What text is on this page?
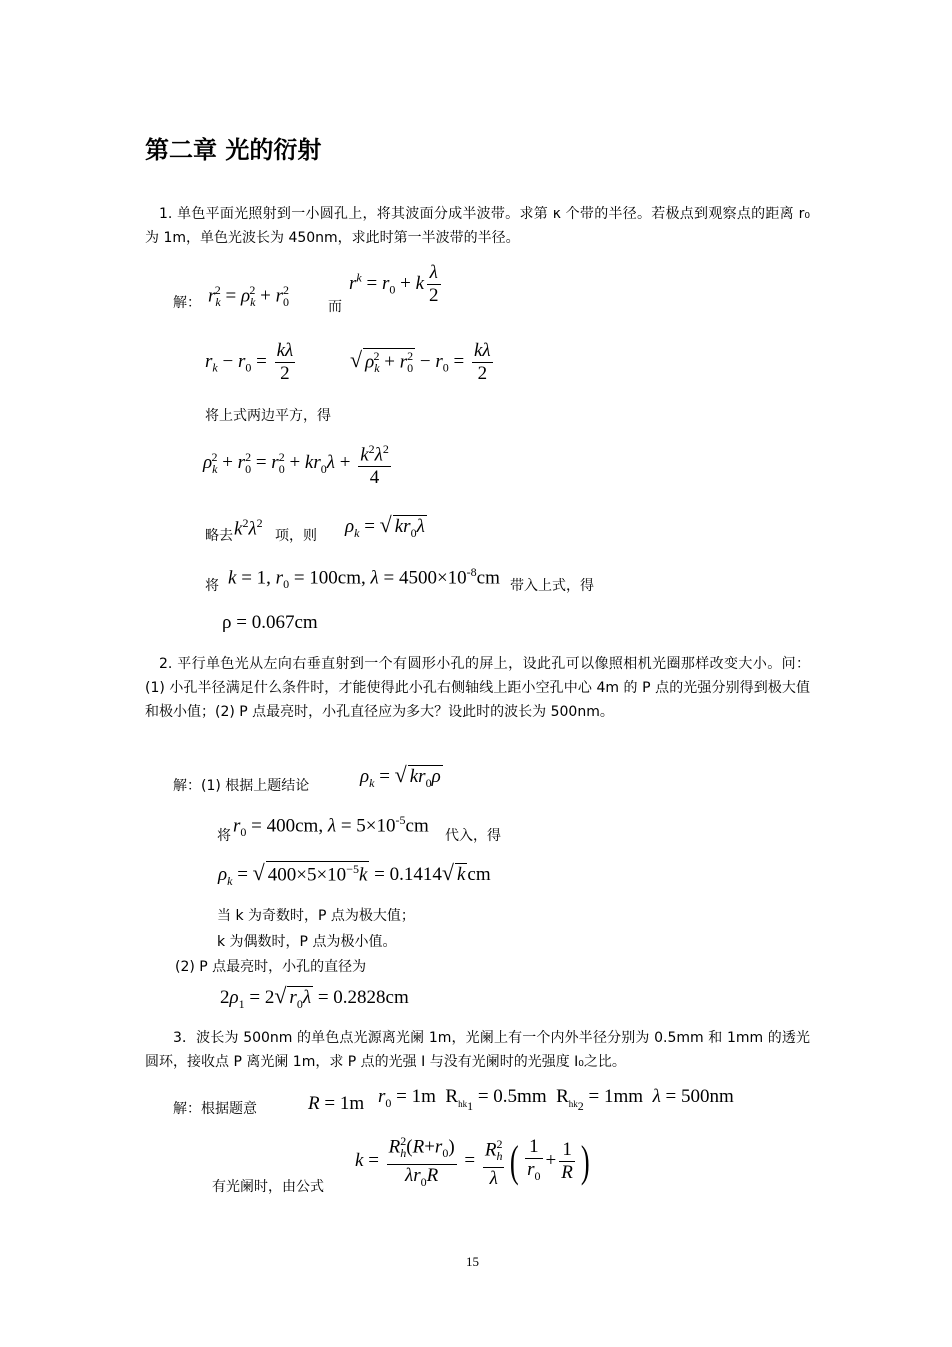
第二章 光的衍射
1. 单色平面光照射到一小圆孔上，将其波面分成半波带。求第 κ 个带的半径。若极点到观察点的距离 r₀为 1m，单色光波长为 450nm，求此时第一半波带的半径。
解： $r_k^2 = \rho_k^2 + r_0^2$
而
$r^k = r_0 + k \frac{\lambda}{2}$
$r_k - r_0 = \frac{k\lambda}{2}$ √ $\rho_k^2 + r_0^2 - r_0 = \frac{k\lambda}{2}$
将上式两边平方，得
$\rho_k^2 + r_0^2 = r_0^2 + kr_0\lambda + \frac{k^2\lambda^2}{4}$
略去 $k^2\lambda^2$
项，则 $\rho_k$ = √ $kr_0\lambda$
将 k = 1, $r_0 = 100cm$, $\lambda = 4500\times 10^{-8}cm$ 带入上式，得
ρ = 0.067cm
2. 平行单色光从左向右垂直射到一个有圆形小孔的屏上，设此孔可以像照相机光圈那样改变大小。问：(1) 小孔半径满足什么条件时，才能使得此小孔右侧轴线上距小空孔中心 4m 的 P 点的光强分别得到极大值和极小值；(2) P 点最亮时，小孔直径应为多大？设此时的波长为 500nm。
解：(1) 根据上题结论	$\rho_k$ = √ $kr_0\rho$
将 $r_0 = 400cm$, $\lambda = 5\times 10^{-5}cm$ 代入，得
$\rho_k$ = √ $400\times 5\times 10^{-5}k = 0.1414√$ k cm
当 k 为奇数时，P 点为极大值；
k 为偶数时，P 点为极小值。
(2) P 点最亮时，小孔的直径为
$2\rho_1 = 2√$ $r_0\lambda = 0.2828cm$
3．波长为 500nm 的单色点光源离光阑 1m，光阑上有一个内外半径分别为 0.5mm 和 1mm 的透光圆环，接收点 P 离光阑 1m，求 P 点的光强 I 与没有光阑时的光强度 I₀之比。
解：根据题意	R = 1m $r_0 = 1m$  $R_{hk_1} = 0.5mm$  $R_{hk_2} = 1mm$  λ = 500nm
有光阑时，由公式
$k = \frac{R_h^2(R+r_0)}{\lambda r_0R} = \frac{R_h^2}{\lambda}$ ( $\frac{1}{r_0} + \frac{1}{R}$ )
15
